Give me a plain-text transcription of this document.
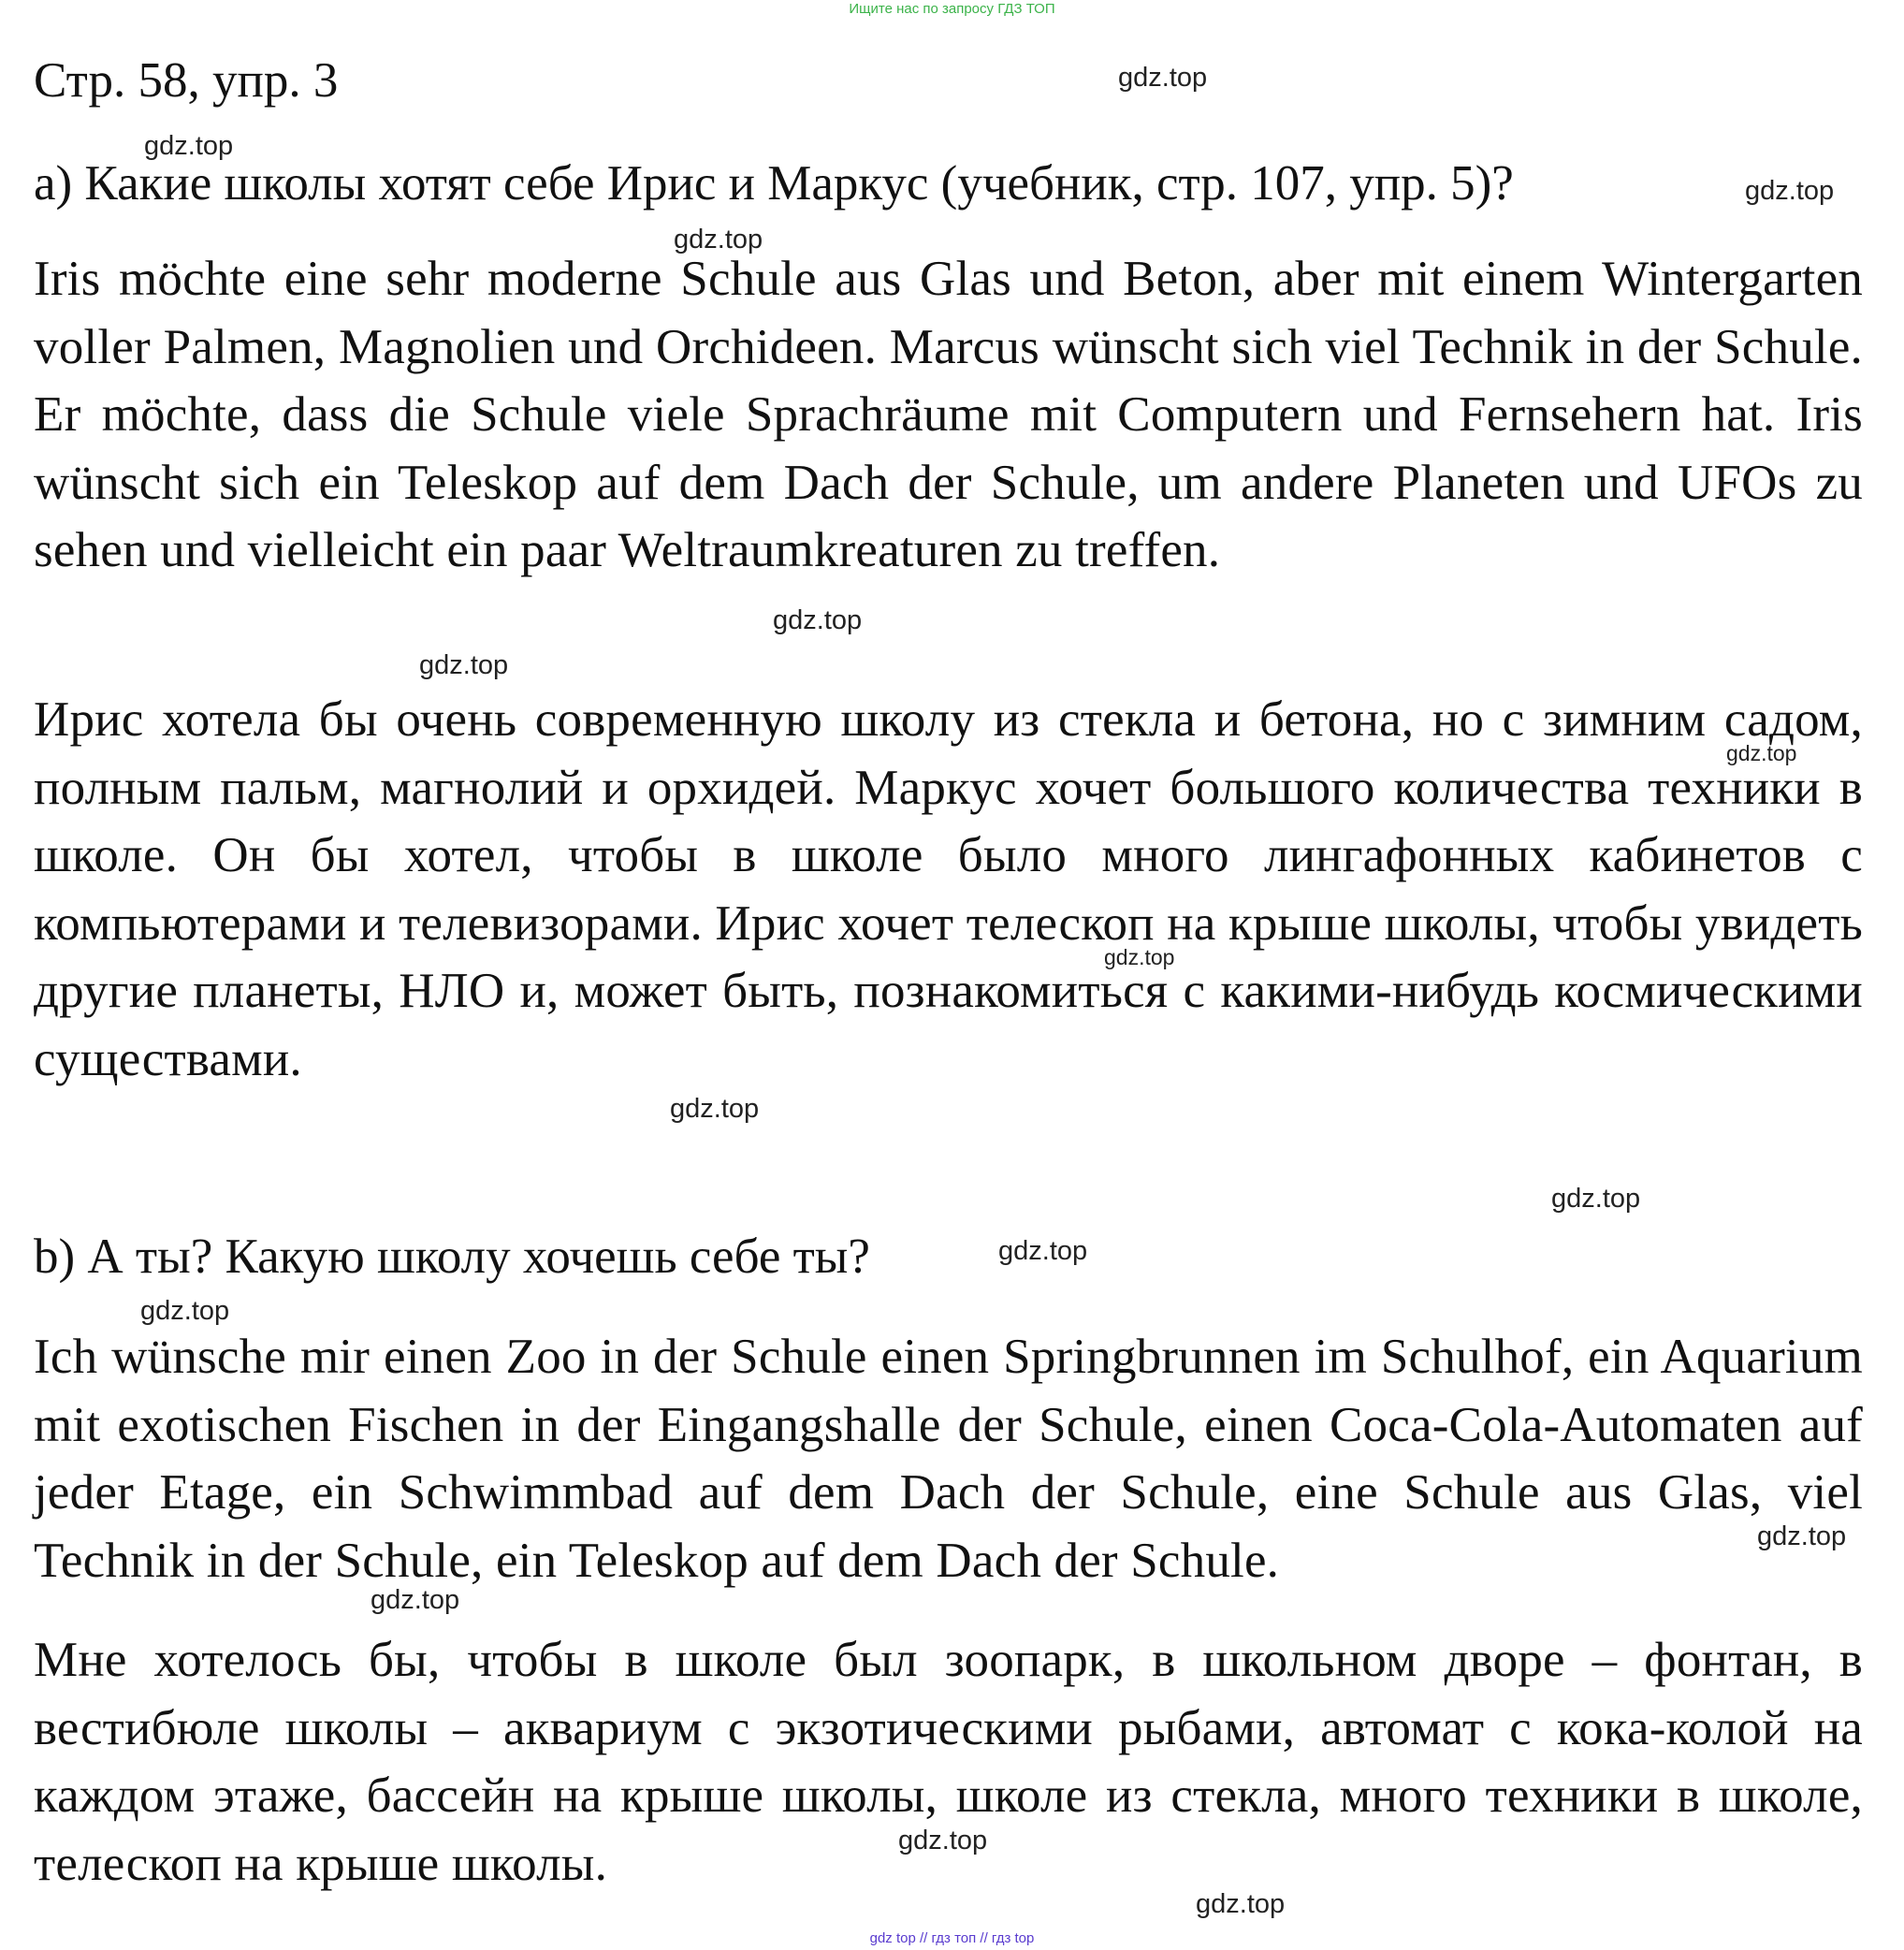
Ищите нас по запросу ГДЗ ТОП
Стр. 58, упр. 3
а) Какие школы хотят себе Ирис и Маркус (учебник, стр. 107, упр. 5)?

Iris möchte eine sehr moderne Schule aus Glas und Beton, aber mit einem Wintergarten voller Palmen, Magnolien und Orchideen. Marcus wünscht sich viel Technik in der Schule. Er möchte, dass die Schule viele Sprachräume mit Computern und Fernsehern hat. Iris wünscht sich ein Teleskop auf dem Dach der Schule, um andere Planeten und UFOs zu sehen und vielleicht ein paar Weltraumkreaturen zu treffen.

Ирис хотела бы очень современную школу из стекла и бетона, но с зимним садом, полным пальм, магнолий и орхидей. Маркус хочет большого количества техники в школе. Он бы хотел, чтобы в школе было много лингафонных кабинетов с компьютерами и телевизорами. Ирис хочет телескоп на крыше школы, чтобы увидеть другие планеты, НЛО и, может быть, познакомиться с какими-нибудь космическими существами.

b) А ты? Какую школу хочешь себе ты?

Ich wünsche mir einen Zoo in der Schule einen Springbrunnen im Schulhof, ein Aquarium mit exotischen Fischen in der Eingangshalle der Schule, einen Coca-Cola-Automaten auf jeder Etage, ein Schwimmbad auf dem Dach der Schule, eine Schule aus Glas, viel Technik in der Schule, ein Teleskop auf dem Dach der Schule.

Мне хотелось бы, чтобы в школе был зоопарк, в школьном дворе – фонтан, в вестибюле школы – аквариум с экзотическими рыбами, автомат с кока-колой на каждом этаже, бассейн на крыше школы, школе из стекла, много техники в школе, телескоп на крыше школы.

gdz.top
gdz.top
gdz.top
gdz.top
gdz.top
gdz.top
gdz.top
gdz.top
gdz.top
gdz.top
gdz.top
gdz.top
gdz.top
gdz.top
gdz.top
gdz.top
gdz top // гдз топ // гдз top
